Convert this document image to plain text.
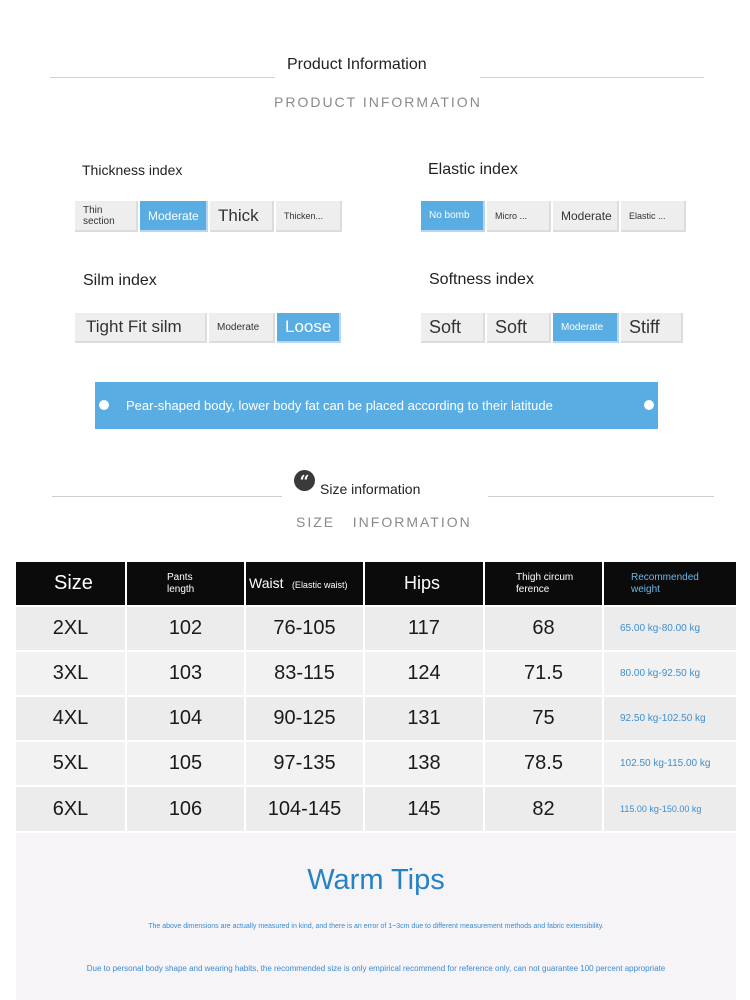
Product Information
PRODUCT INFORMATION
Thickness index
Thin section	Moderate	Thick	Thicken...
Elastic index
No bomb	Micro ...	Moderate	Elastic ...
Silm index
Tight Fit silm	Moderate	Loose
Softness index
Soft	Soft	Moderate	Stiff
Pear-shaped body, lower body fat can be placed according to their latitude
“ Size information
SIZE   INFORMATION
Size	Pants length	Waist (Elastic waist)	Hips	Thigh circum ference	Recommended weight
2XL	102	76-105	117	68	65.00 kg-80.00 kg
3XL	103	83-115	124	71.5	80.00 kg-92.50 kg
4XL	104	90-125	131	75	92.50 kg-102.50 kg
5XL	105	97-135	138	78.5	102.50 kg-115.00 kg
6XL	106	104-145	145	82	115.00 kg-150.00 kg
Warm Tips
The above dimensions are actually measured in kind, and there is an error of 1~3cm due to different measurement methods and fabric extensibility.
Due to personal body shape and wearing habits, the recommended size is only empirical recommend for reference only, can not guarantee 100 percent appropriate
